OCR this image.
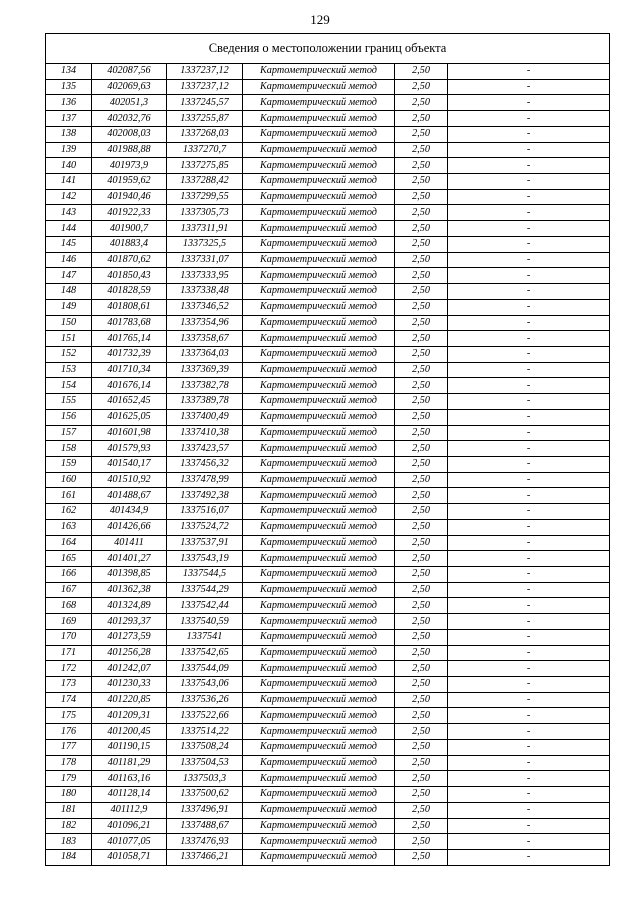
129
Сведения о местоположении границ объекта					
134	402087,56	1337237,12	Картометрический метод	2,50	-
135	402069,63	1337237,12	Картометрический метод	2,50	-
136	402051,3	1337245,57	Картометрический метод	2,50	-
137	402032,76	1337255,87	Картометрический метод	2,50	-
138	402008,03	1337268,03	Картометрический метод	2,50	-
139	401988,88	1337270,7	Картометрический метод	2,50	-
140	401973,9	1337275,85	Картометрический метод	2,50	-
141	401959,62	1337288,42	Картометрический метод	2,50	-
142	401940,46	1337299,55	Картометрический метод	2,50	-
143	401922,33	1337305,73	Картометрический метод	2,50	-
144	401900,7	1337311,91	Картометрический метод	2,50	-
145	401883,4	1337325,5	Картометрический метод	2,50	-
146	401870,62	1337331,07	Картометрический метод	2,50	-
147	401850,43	1337333,95	Картометрический метод	2,50	-
148	401828,59	1337338,48	Картометрический метод	2,50	-
149	401808,61	1337346,52	Картометрический метод	2,50	-
150	401783,68	1337354,96	Картометрический метод	2,50	-
151	401765,14	1337358,67	Картометрический метод	2,50	-
152	401732,39	1337364,03	Картометрический метод	2,50	-
153	401710,34	1337369,39	Картометрический метод	2,50	-
154	401676,14	1337382,78	Картометрический метод	2,50	-
155	401652,45	1337389,78	Картометрический метод	2,50	-
156	401625,05	1337400,49	Картометрический метод	2,50	-
157	401601,98	1337410,38	Картометрический метод	2,50	-
158	401579,93	1337423,57	Картометрический метод	2,50	-
159	401540,17	1337456,32	Картометрический метод	2,50	-
160	401510,92	1337478,99	Картометрический метод	2,50	-
161	401488,67	1337492,38	Картометрический метод	2,50	-
162	401434,9	1337516,07	Картометрический метод	2,50	-
163	401426,66	1337524,72	Картометрический метод	2,50	-
164	401411	1337537,91	Картометрический метод	2,50	-
165	401401,27	1337543,19	Картометрический метод	2,50	-
166	401398,85	1337544,5	Картометрический метод	2,50	-
167	401362,38	1337544,29	Картометрический метод	2,50	-
168	401324,89	1337542,44	Картометрический метод	2,50	-
169	401293,37	1337540,59	Картометрический метод	2,50	-
170	401273,59	1337541	Картометрический метод	2,50	-
171	401256,28	1337542,65	Картометрический метод	2,50	-
172	401242,07	1337544,09	Картометрический метод	2,50	-
173	401230,33	1337543,06	Картометрический метод	2,50	-
174	401220,85	1337536,26	Картометрический метод	2,50	-
175	401209,31	1337522,66	Картометрический метод	2,50	-
176	401200,45	1337514,22	Картометрический метод	2,50	-
177	401190,15	1337508,24	Картометрический метод	2,50	-
178	401181,29	1337504,53	Картометрический метод	2,50	-
179	401163,16	1337503,3	Картометрический метод	2,50	-
180	401128,14	1337500,62	Картометрический метод	2,50	-
181	401112,9	1337496,91	Картометрический метод	2,50	-
182	401096,21	1337488,67	Картометрический метод	2,50	-
183	401077,05	1337476,93	Картометрический метод	2,50	-
184	401058,71	1337466,21	Картометрический метод	2,50	-
